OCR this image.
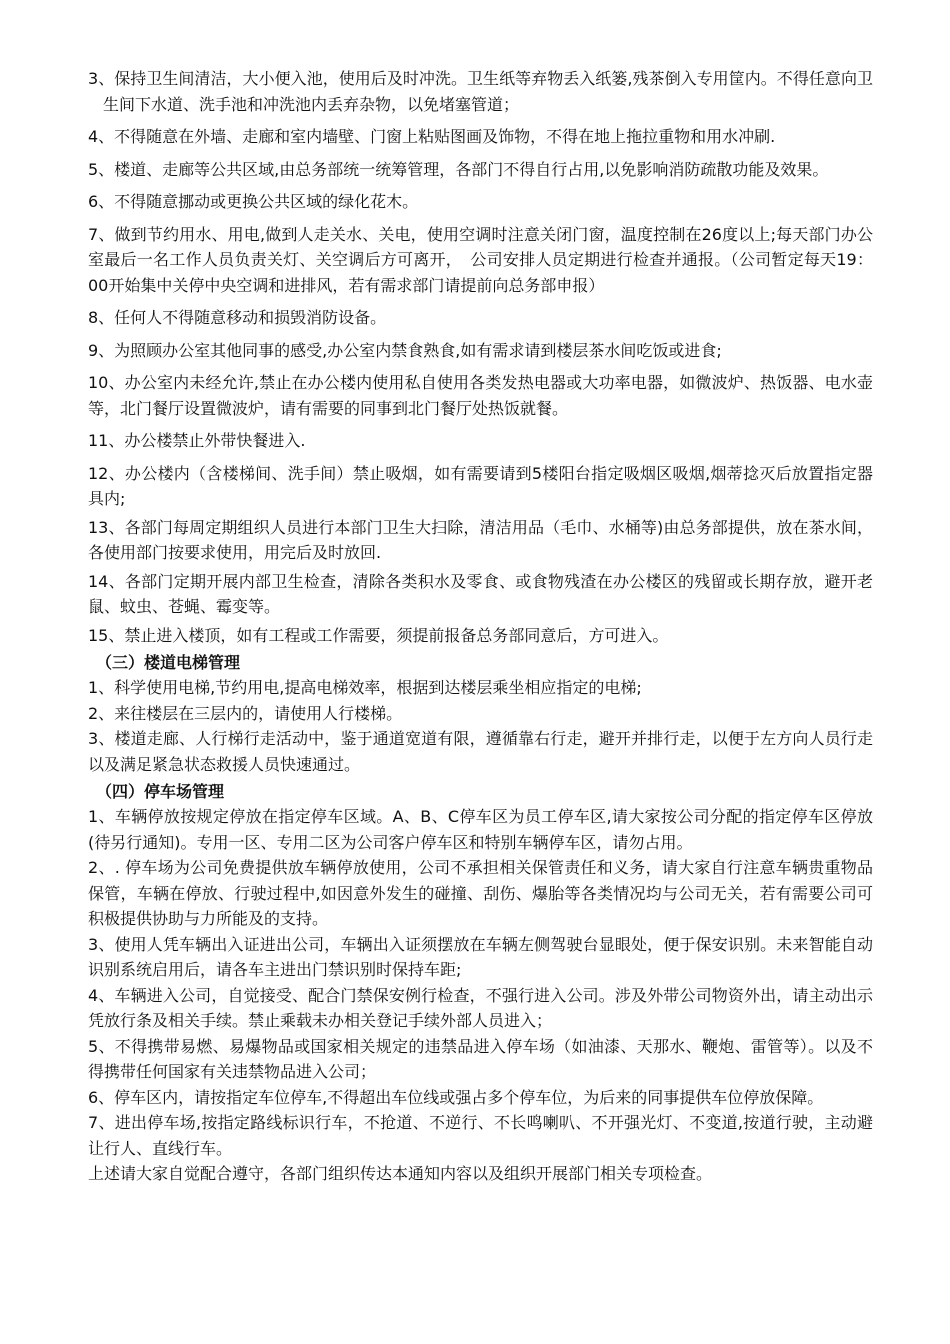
3、保持卫生间清洁，大小便入池，使用后及时冲洗。卫生纸等弃物丢入纸篓,残茶倒入专用筐内。不得任意向卫生间下水道、洗手池和冲洗池内丢弃杂物，以免堵塞管道；

4、不得随意在外墙、走廊和室内墙壁、门窗上粘贴图画及饰物，不得在地上拖拉重物和用水冲刷.

5、楼道、走廊等公共区域,由总务部统一统筹管理，各部门不得自行占用,以免影响消防疏散功能及效果。

6、不得随意挪动或更换公共区域的绿化花木。

7、做到节约用水、用电,做到人走关水、关电，使用空调时注意关闭门窗，温度控制在26度以上;每天部门办公室最后一名工作人员负责关灯、关空调后方可离开，　公司安排人员定期进行检查并通报。（公司暂定每天19：00开始集中关停中央空调和进排风，若有需求部门请提前向总务部申报）

8、任何人不得随意移动和损毁消防设备。

9、为照顾办公室其他同事的感受,办公室内禁食熟食,如有需求请到楼层茶水间吃饭或进食;

10、办公室内未经允许,禁止在办公楼内使用私自使用各类发热电器或大功率电器，如微波炉、热饭器、电水壶等，北门餐厅设置微波炉，请有需要的同事到北门餐厅处热饭就餐。

11、办公楼禁止外带快餐进入.

12、办公楼内（含楼梯间、洗手间）禁止吸烟，如有需要请到5楼阳台指定吸烟区吸烟,烟蒂捻灭后放置指定器具内;

13、各部门每周定期组织人员进行本部门卫生大扫除，清洁用品（毛巾、水桶等)由总务部提供，放在茶水间，各使用部门按要求使用，用完后及时放回.

14、各部门定期开展内部卫生检查，清除各类积水及零食、或食物残渣在办公楼区的残留或长期存放，避开老鼠、蚊虫、苍蝇、霉变等。

15、禁止进入楼顶，如有工程或工作需要，须提前报备总务部同意后，方可进入。

（三）楼道电梯管理

1、科学使用电梯,节约用电,提高电梯效率，根据到达楼层乘坐相应指定的电梯;

2、来往楼层在三层内的，请使用人行楼梯。

3、楼道走廊、人行梯行走活动中，鉴于通道宽道有限，遵循靠右行走，避开并排行走，以便于左方向人员行走以及满足紧急状态救援人员快速通过。

（四）停车场管理

1、车辆停放按规定停放在指定停车区域。A、B、C停车区为员工停车区,请大家按公司分配的指定停车区停放(待另行通知)。专用一区、专用二区为公司客户停车区和特别车辆停车区，请勿占用。

2、. 停车场为公司免费提供放车辆停放使用，公司不承担相关保管责任和义务，请大家自行注意车辆贵重物品保管，车辆在停放、行驶过程中,如因意外发生的碰撞、刮伤、爆胎等各类情况均与公司无关，若有需要公司可积极提供协助与力所能及的支持。

3、使用人凭车辆出入证进出公司，车辆出入证须摆放在车辆左侧驾驶台显眼处，便于保安识别。未来智能自动识别系统启用后，请各车主进出门禁识别时保持车距;

4、车辆进入公司，自觉接受、配合门禁保安例行检查，不强行进入公司。涉及外带公司物资外出，请主动出示凭放行条及相关手续。禁止乘载未办相关登记手续外部人员进入；

5、不得携带易燃、易爆物品或国家相关规定的违禁品进入停车场（如油漆、天那水、鞭炮、雷管等）。以及不得携带任何国家有关违禁物品进入公司；

6、停车区内，请按指定车位停车,不得超出车位线或强占多个停车位，为后来的同事提供车位停放保障。

7、进出停车场,按指定路线标识行车，不抢道、不逆行、不长鸣喇叭、不开强光灯、不变道,按道行驶，主动避让行人、直线行车。

上述请大家自觉配合遵守，各部门组织传达本通知内容以及组织开展部门相关专项检查。
